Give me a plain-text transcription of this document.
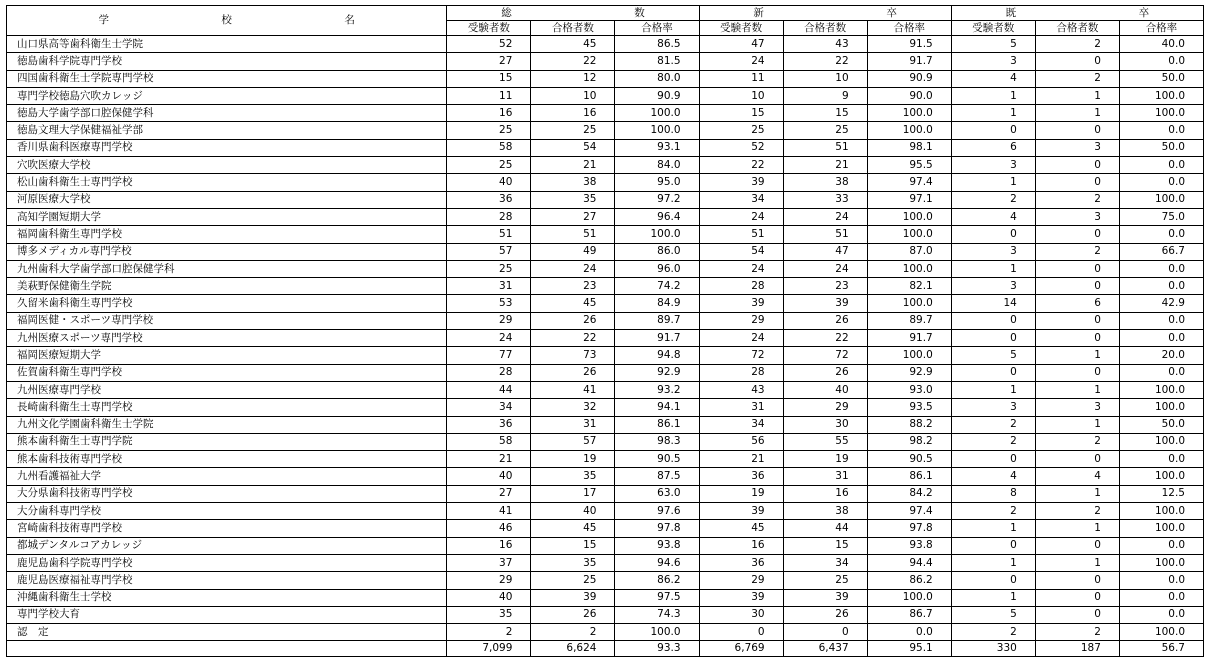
学　　　　校　　　　名	総　　数			新　　卒			既　　卒		
	受験者数	合格者数	合格率	受験者数	合格者数	合格率	受験者数	合格者数	合格率
山口県高等歯科衛生士学院	52	45	86.5	47	43	91.5	5	2	40.0
徳島歯科学院専門学校	27	22	81.5	24	22	91.7	3	0	0.0
四国歯科衛生士学院専門学校	15	12	80.0	11	10	90.9	4	2	50.0
専門学校徳島穴吹カレッジ	11	10	90.9	10	9	90.0	1	1	100.0
徳島大学歯学部口腔保健学科	16	16	100.0	15	15	100.0	1	1	100.0
徳島文理大学保健福祉学部	25	25	100.0	25	25	100.0	0	0	0.0
香川県歯科医療専門学校	58	54	93.1	52	51	98.1	6	3	50.0
穴吹医療大学校	25	21	84.0	22	21	95.5	3	0	0.0
松山歯科衛生士専門学校	40	38	95.0	39	38	97.4	1	0	0.0
河原医療大学校	36	35	97.2	34	33	97.1	2	2	100.0
高知学園短期大学	28	27	96.4	24	24	100.0	4	3	75.0
福岡歯科衛生専門学校	51	51	100.0	51	51	100.0	0	0	0.0
博多メディカル専門学校	57	49	86.0	54	47	87.0	3	2	66.7
九州歯科大学歯学部口腔保健学科	25	24	96.0	24	24	100.0	1	0	0.0
美萩野保健衛生学院	31	23	74.2	28	23	82.1	3	0	0.0
久留米歯科衛生専門学校	53	45	84.9	39	39	100.0	14	6	42.9
福岡医健・スポーツ専門学校	29	26	89.7	29	26	89.7	0	0	0.0
九州医療スポーツ専門学校	24	22	91.7	24	22	91.7	0	0	0.0
福岡医療短期大学	77	73	94.8	72	72	100.0	5	1	20.0
佐賀歯科衛生専門学校	28	26	92.9	28	26	92.9	0	0	0.0
九州医療専門学校	44	41	93.2	43	40	93.0	1	1	100.0
長崎歯科衛生士専門学校	34	32	94.1	31	29	93.5	3	3	100.0
九州文化学園歯科衛生士学院	36	31	86.1	34	30	88.2	2	1	50.0
熊本歯科衛生士専門学院	58	57	98.3	56	55	98.2	2	2	100.0
熊本歯科技術専門学校	21	19	90.5	21	19	90.5	0	0	0.0
九州看護福祉大学	40	35	87.5	36	31	86.1	4	4	100.0
大分県歯科技術専門学校	27	17	63.0	19	16	84.2	8	1	12.5
大分歯科専門学校	41	40	97.6	39	38	97.4	2	2	100.0
宮崎歯科技術専門学校	46	45	97.8	45	44	97.8	1	1	100.0
都城デンタルコアカレッジ	16	15	93.8	16	15	93.8	0	0	0.0
鹿児島歯科学院専門学校	37	35	94.6	36	34	94.4	1	1	100.0
鹿児島医療福祉専門学校	29	25	86.2	29	25	86.2	0	0	0.0
沖縄歯科衛生士学校	40	39	97.5	39	39	100.0	1	0	0.0
専門学校大育	35	26	74.3	30	26	86.7	5	0	0.0
認　定	2	2	100.0	0	0	0.0	2	2	100.0
	7,099	6,624	93.3	6,769	6,437	95.1	330	187	56.7
